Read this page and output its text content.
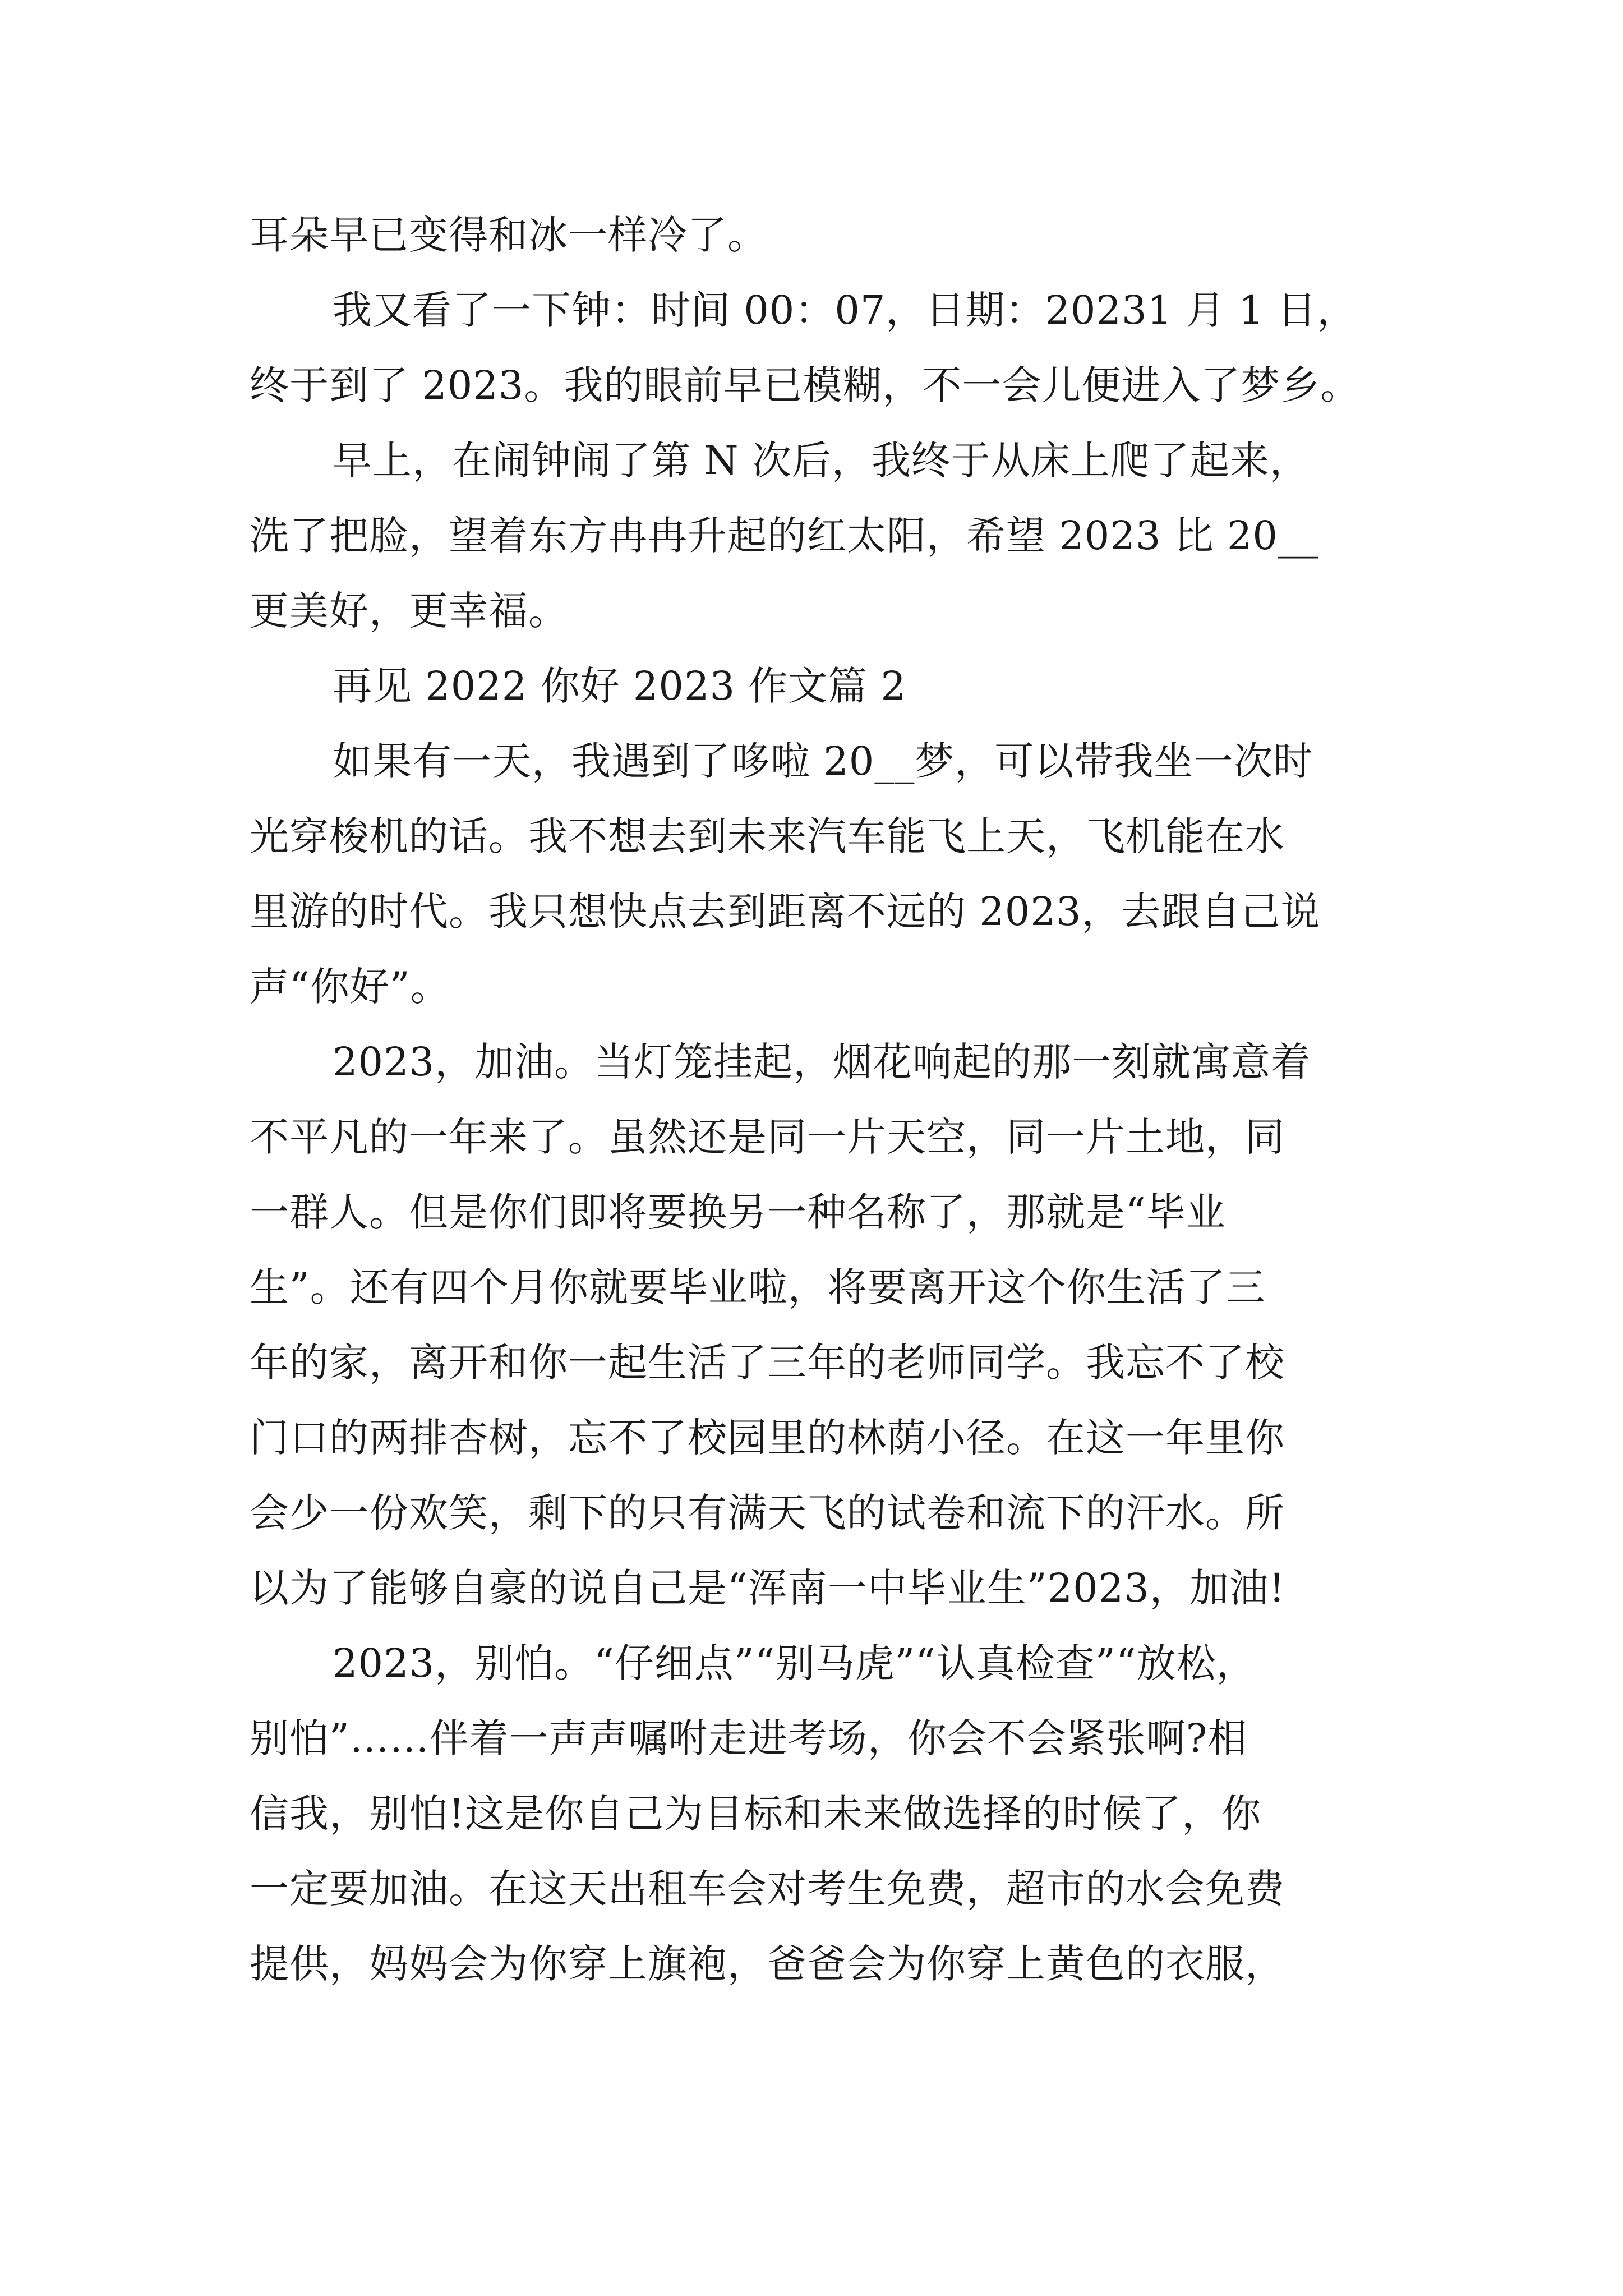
耳朵早已变得和冰一样冷了。
我又看了一下钟：时间 00：07，日期：20231 月 1 日，
终于到了 2023。我的眼前早已模糊，不一会儿便进入了梦乡。
早上，在闹钟闹了第 N 次后，我终于从床上爬了起来，
洗了把脸，望着东方冉冉升起的红太阳，希望 2023 比 20__
更美好，更幸福。
再见 2022 你好 2023 作文篇 2
如果有一天，我遇到了哆啦 20__梦，可以带我坐一次时
光穿梭机的话。我不想去到未来汽车能飞上天，飞机能在水
里游的时代。我只想快点去到距离不远的 2023，去跟自己说
声“你好”。
2023，加油。当灯笼挂起，烟花响起的那一刻就寓意着
不平凡的一年来了。虽然还是同一片天空，同一片土地，同
一群人。但是你们即将要换另一种名称了，那就是“毕业
生”。还有四个月你就要毕业啦，将要离开这个你生活了三
年的家，离开和你一起生活了三年的老师同学。我忘不了校
门口的两排杏树，忘不了校园里的林荫小径。在这一年里你
会少一份欢笑，剩下的只有满天飞的试卷和流下的汗水。所
以为了能够自豪的说自己是“浑南一中毕业生”2023，加油!
2023，别怕。“仔细点”“别马虎”“认真检查”“放松，
别怕”……伴着一声声嘱咐走进考场，你会不会紧张啊?相
信我，别怕!这是你自己为目标和未来做选择的时候了，你
一定要加油。在这天出租车会对考生免费，超市的水会免费
提供，妈妈会为你穿上旗袍，爸爸会为你穿上黄色的衣服，
